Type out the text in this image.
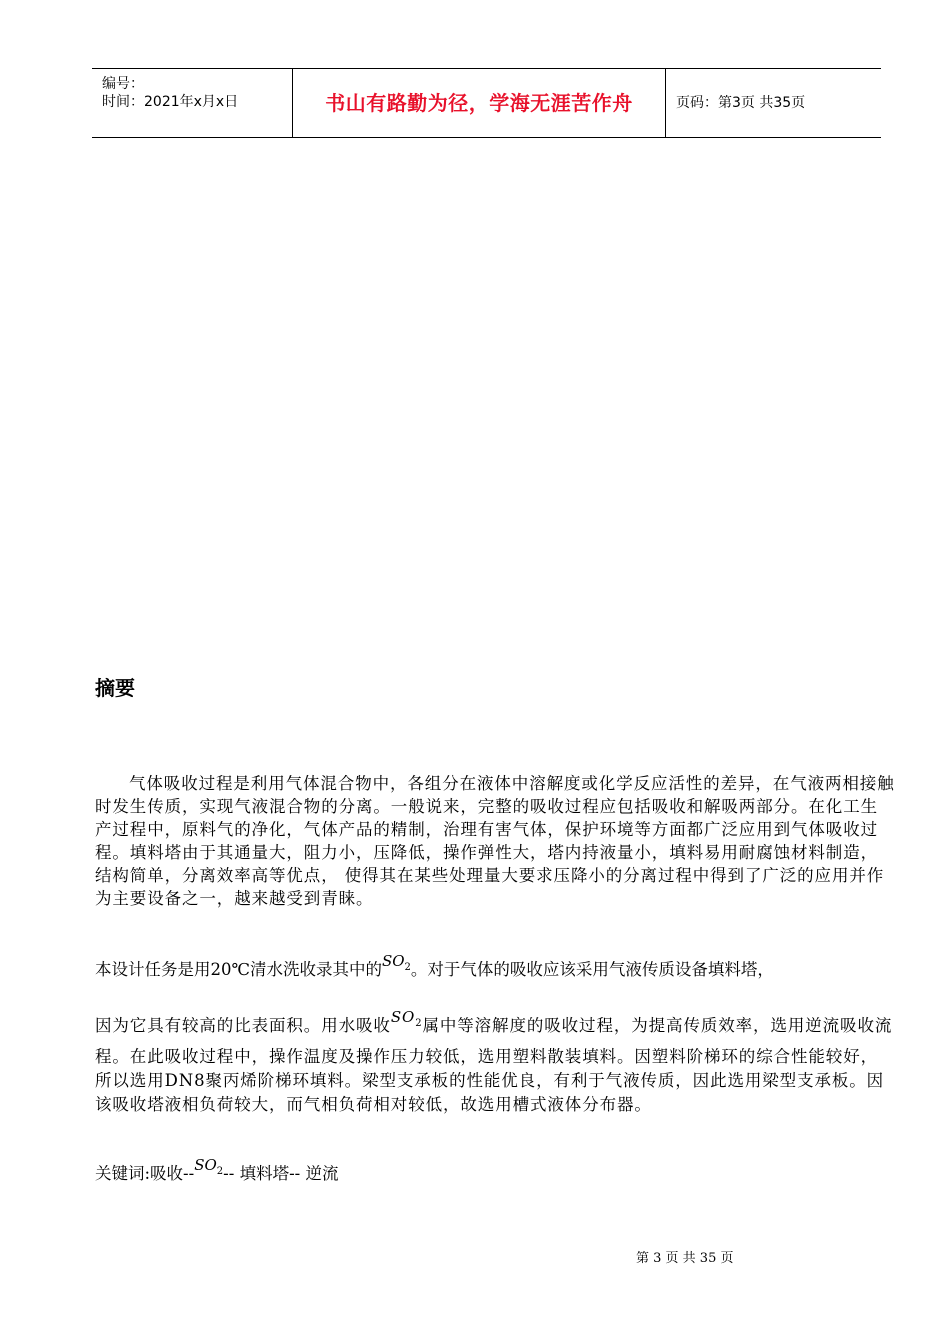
编号：
时间：2021年x月x日	书山有路勤为径，学海无涯苦作舟	页码：第3页 共35页
摘要
气体吸收过程是利用气体混合物中，各组分在液体中溶解度或化学反应活性的差异，在气液两相接触时发生传质，实现气液混合物的分离。一般说来，完整的吸收过程应包括吸收和解吸两部分。在化工生产过程中，原料气的净化，气体产品的精制，治理有害气体，保护环境等方面都广泛应用到气体吸收过程。填料塔由于其通量大，阻力小，压降低，操作弹性大，塔内持液量小，填料易用耐腐蚀材料制造，结构简单，分离效率高等优点， 使得其在某些处理量大要求压降小的分离过程中得到了广泛的应用并作为主要设备之一，越来越受到青睐。
本设计任务是用20℃清水洗收录其中的$SO_2$。对于气体的吸收应该采用气液传质设备填料塔，
因为它具有较高的比表面积。用水吸收$SO_2$属中等溶解度的吸收过程，为提高传质效率，选用逆流吸收流程。在此吸收过程中，操作温度及操作压力较低，选用塑料散装填料。因塑料阶梯环的综合性能较好，所以选用DN8聚丙烯阶梯环填料。梁型支承板的性能优良，有利于气液传质，因此选用梁型支承板。因该吸收塔液相负荷较大，而气相负荷相对较低，故选用槽式液体分布器。
关键词:吸收$--SO_2--$ 填料塔-- 逆流
第 3 页 共 35 页
